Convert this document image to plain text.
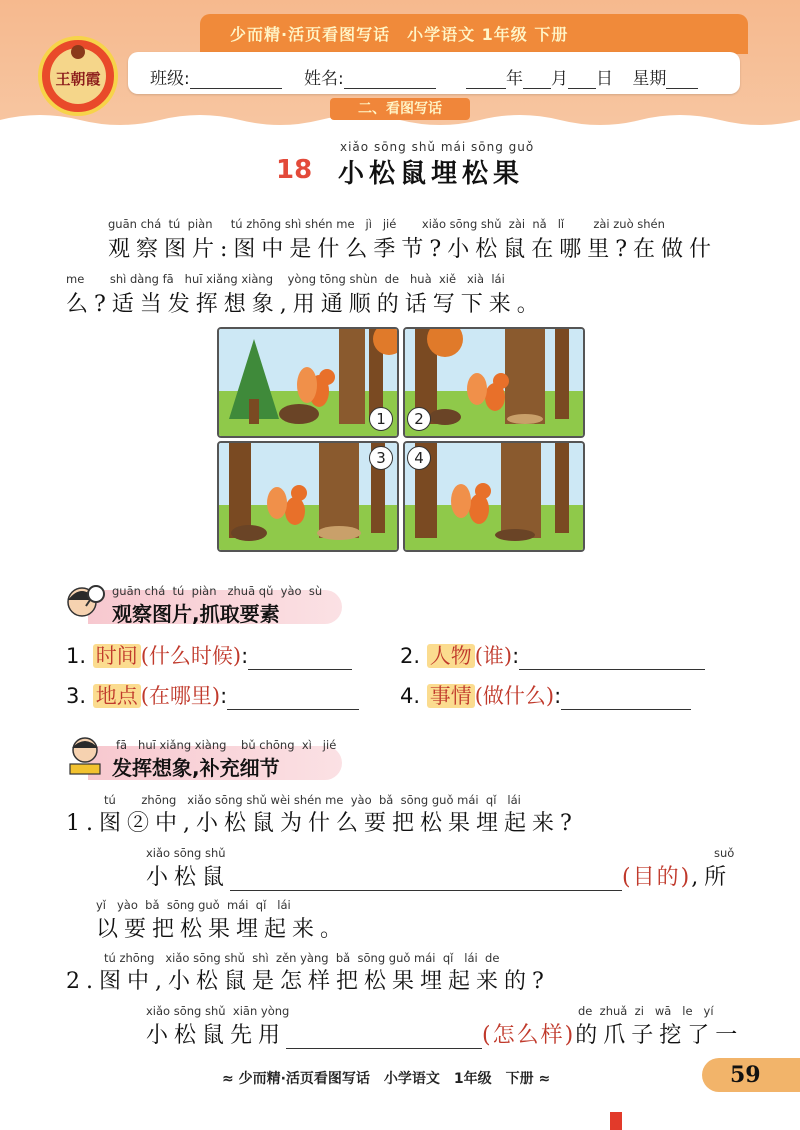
少而精·活页看图写话　小学语文 1年级 下册
王朝霞	班级:	姓名:	年 月 日 星期
二、看图写话
xiǎo sōng shǔ mái sōng guǒ
18 小松鼠埋松果
guān chá  tú  piàn     tú zhōng shì shén me   jì   jié       xiǎo sōng shǔ  zài  nǎ   lǐ        zài zuò shén
观察图片:图中是什么季节?小松鼠在哪里?在做什
me       shì dàng fā   huī xiǎng xiàng    yòng tōng shùn  de   huà  xiě   xià  lái
么?适当发挥想象,用通顺的话写下来。
1	2
3	4
guān chá  tú  piàn   zhuā qǔ  yào  sù
观察图片,抓取要素
1. 时间 (什么时候):	2. 人物 (谁):
3. 地点 (在哪里):	4. 事情 (做什么):
fā   huī xiǎng xiàng    bǔ chōng  xì   jié
发挥想象,补充细节
tú       zhōng   xiǎo sōng shǔ wèi shén me  yào  bǎ  sōng guǒ mái  qǐ   lái
1.图②中,小松鼠为什么要把松果埋起来?
xiǎo sōng shǔ	suǒ
小松鼠	(目的),所
yǐ   yào  bǎ  sōng guǒ  mái  qǐ   lái
以要把松果埋起来。
tú zhōng   xiǎo sōng shǔ  shì  zěn yàng  bǎ  sōng guǒ mái  qǐ   lái  de
2.图中,小松鼠是怎样把松果埋起来的?
xiǎo sōng shǔ  xiān yòng	de  zhuǎ  zi   wā   le   yí
小松鼠先用	(怎么样)的爪子挖了一
≈ 少而精·活页看图写话　小学语文　1年级　下册 ≈	59
